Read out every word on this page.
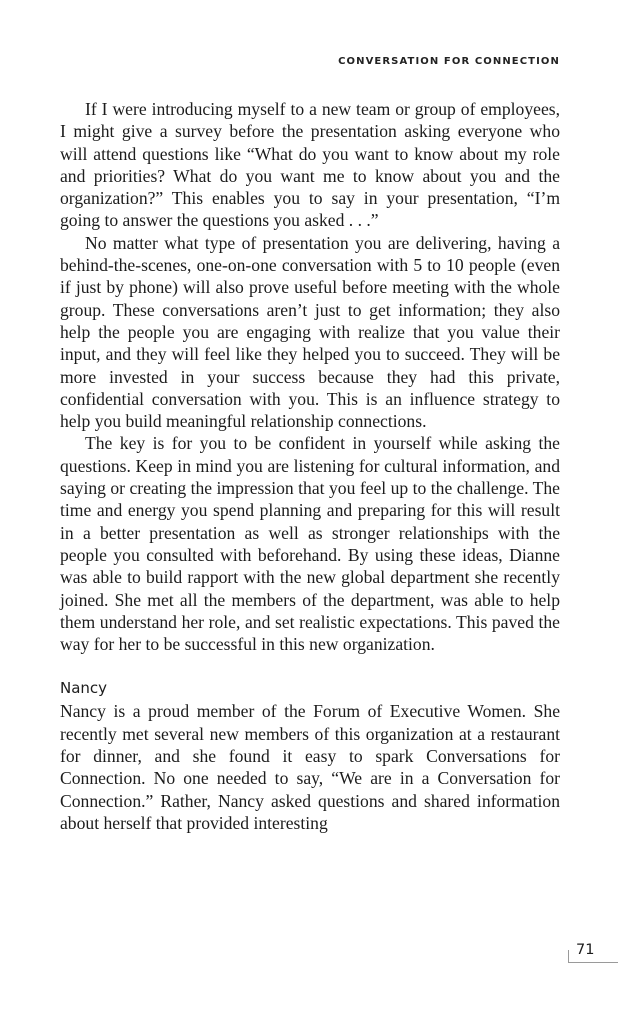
CONVERSATION FOR CONNECTION

If I were introducing myself to a new team or group of employees, I might give a survey before the presentation asking everyone who will attend questions like “What do you want to know about my role and priorities? What do you want me to know about you and the organization?” This enables you to say in your presentation, “I’m going to answer the questions you asked . . .”

No matter what type of presentation you are delivering, having a behind-the-scenes, one-on-one conversation with 5 to 10 people (even if just by phone) will also prove useful before meeting with the whole group. These conversations aren’t just to get information; they also help the people you are engaging with realize that you value their input, and they will feel like they helped you to succeed. They will be more invested in your success because they had this private, confidential conversation with you. This is an influence strategy to help you build meaningful relationship connections.

The key is for you to be confident in yourself while asking the questions. Keep in mind you are listening for cultural information, and saying or creating the impression that you feel up to the challenge. The time and energy you spend planning and preparing for this will result in a better presentation as well as stronger relationships with the people you consulted with beforehand. By using these ideas, Dianne was able to build rapport with the new global department she recently joined. She met all the members of the department, was able to help them understand her role, and set realistic expectations. This paved the way for her to be successful in this new organization.

Nancy

Nancy is a proud member of the Forum of Executive Women. She recently met several new members of this organization at a restaurant for dinner, and she found it easy to spark Conversations for Connection. No one needed to say, “We are in a Conversation for Connection.” Rather, Nancy asked questions and shared information about herself that provided interesting

71
